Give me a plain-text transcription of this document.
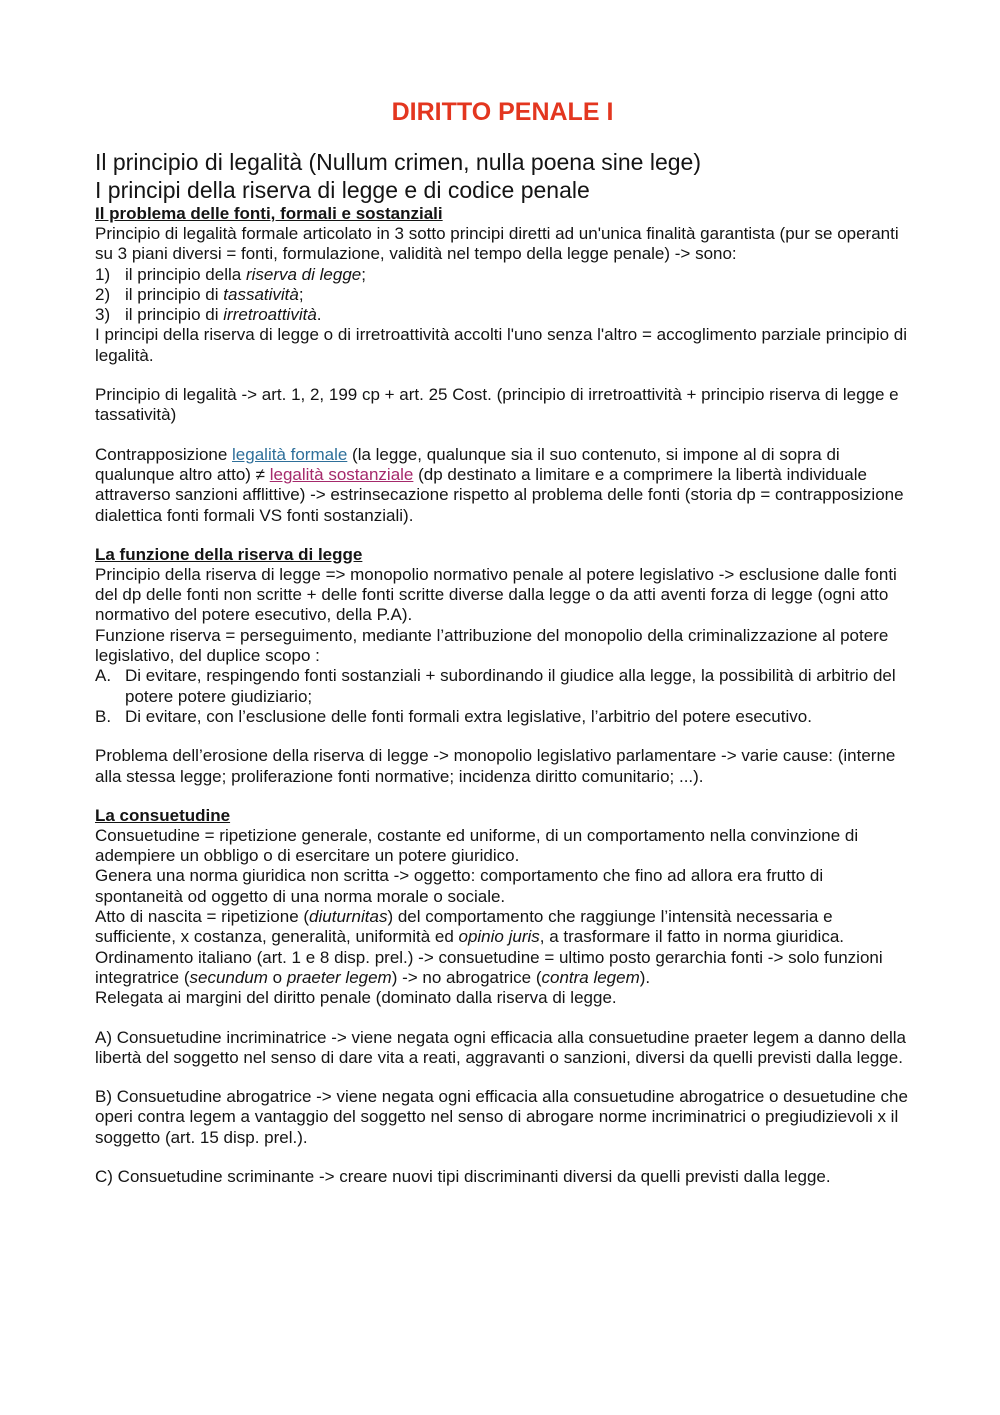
DIRITTO PENALE I

Il principio di legalità (Nullum crimen, nulla poena sine lege)

I principi della riserva di legge e di codice penale

Il problema delle fonti, formali e sostanziali

Principio di legalità formale articolato in 3 sotto principi diretti ad un'unica finalità garantista (pur se operanti su 3 piani diversi = fonti, formulazione, validità nel tempo della legge penale) -> sono:

1) il principio della riserva di legge;
2) il principio di tassatività;
3) il principio di irretroattività.

I principi della riserva di legge o di irretroattività accolti l'uno senza l'altro = accoglimento parziale principio di legalità.

Principio di legalità -> art. 1, 2, 199 cp + art. 25 Cost. (principio di irretroattività + principio riserva di legge e tassatività)

Contrapposizione legalità formale (la legge, qualunque sia il suo contenuto, si impone al di sopra di qualunque altro atto) ≠ legalità sostanziale (dp destinato a limitare e a comprimere la libertà individuale attraverso sanzioni afflittive) -> estrinsecazione rispetto al problema delle fonti (storia dp = contrapposizione dialettica fonti formali VS fonti sostanziali).

La funzione della riserva di legge

Principio della riserva di legge => monopolio normativo penale al potere legislativo -> esclusione dalle fonti del dp delle fonti non scritte + delle fonti scritte diverse dalla legge o da atti aventi forza di legge (ogni atto normativo del potere esecutivo, della P.A).

Funzione riserva = perseguimento, mediante l’attribuzione del monopolio della criminalizzazione al potere legislativo, del duplice scopo :

A. Di evitare, respingendo fonti sostanziali + subordinando il giudice alla legge, la possibilità di arbitrio del potere potere giudiziario;
B. Di evitare, con l’esclusione delle fonti formali extra legislative, l’arbitrio del potere esecutivo.

Problema dell’erosione della riserva di legge -> monopolio legislativo parlamentare -> varie cause: (interne alla stessa legge; proliferazione fonti normative; incidenza diritto comunitario; ...).

La consuetudine

Consuetudine = ripetizione generale, costante ed uniforme, di un comportamento nella convinzione di adempiere un obbligo o di esercitare un potere giuridico.

Genera una norma giuridica non scritta -> oggetto: comportamento che fino ad allora era frutto di spontaneità od oggetto di una norma morale o sociale.

Atto di nascita = ripetizione (diuturnitas) del comportamento che raggiunge l’intensità necessaria e sufficiente, x costanza, generalità, uniformità ed opinio juris, a trasformare il fatto in norma giuridica.

Ordinamento italiano (art. 1 e 8 disp. prel.) -> consuetudine = ultimo posto gerarchia fonti -> solo funzioni integratrice (secundum o praeter legem) -> no abrogatrice (contra legem).

Relegata ai margini del diritto penale (dominato dalla riserva di legge.

A) Consuetudine incriminatrice -> viene negata ogni efficacia alla consuetudine praeter legem a danno della libertà del soggetto nel senso di dare vita a reati, aggravanti o sanzioni, diversi da quelli previsti dalla legge.

B) Consuetudine abrogatrice -> viene negata ogni efficacia alla consuetudine abrogatrice o desuetudine che operi contra legem a vantaggio del soggetto nel senso di abrogare norme incriminatrici o pregiudizievoli x il soggetto (art. 15 disp. prel.).

C) Consuetudine scriminante -> creare nuovi tipi discriminanti diversi da quelli previsti dalla legge.
